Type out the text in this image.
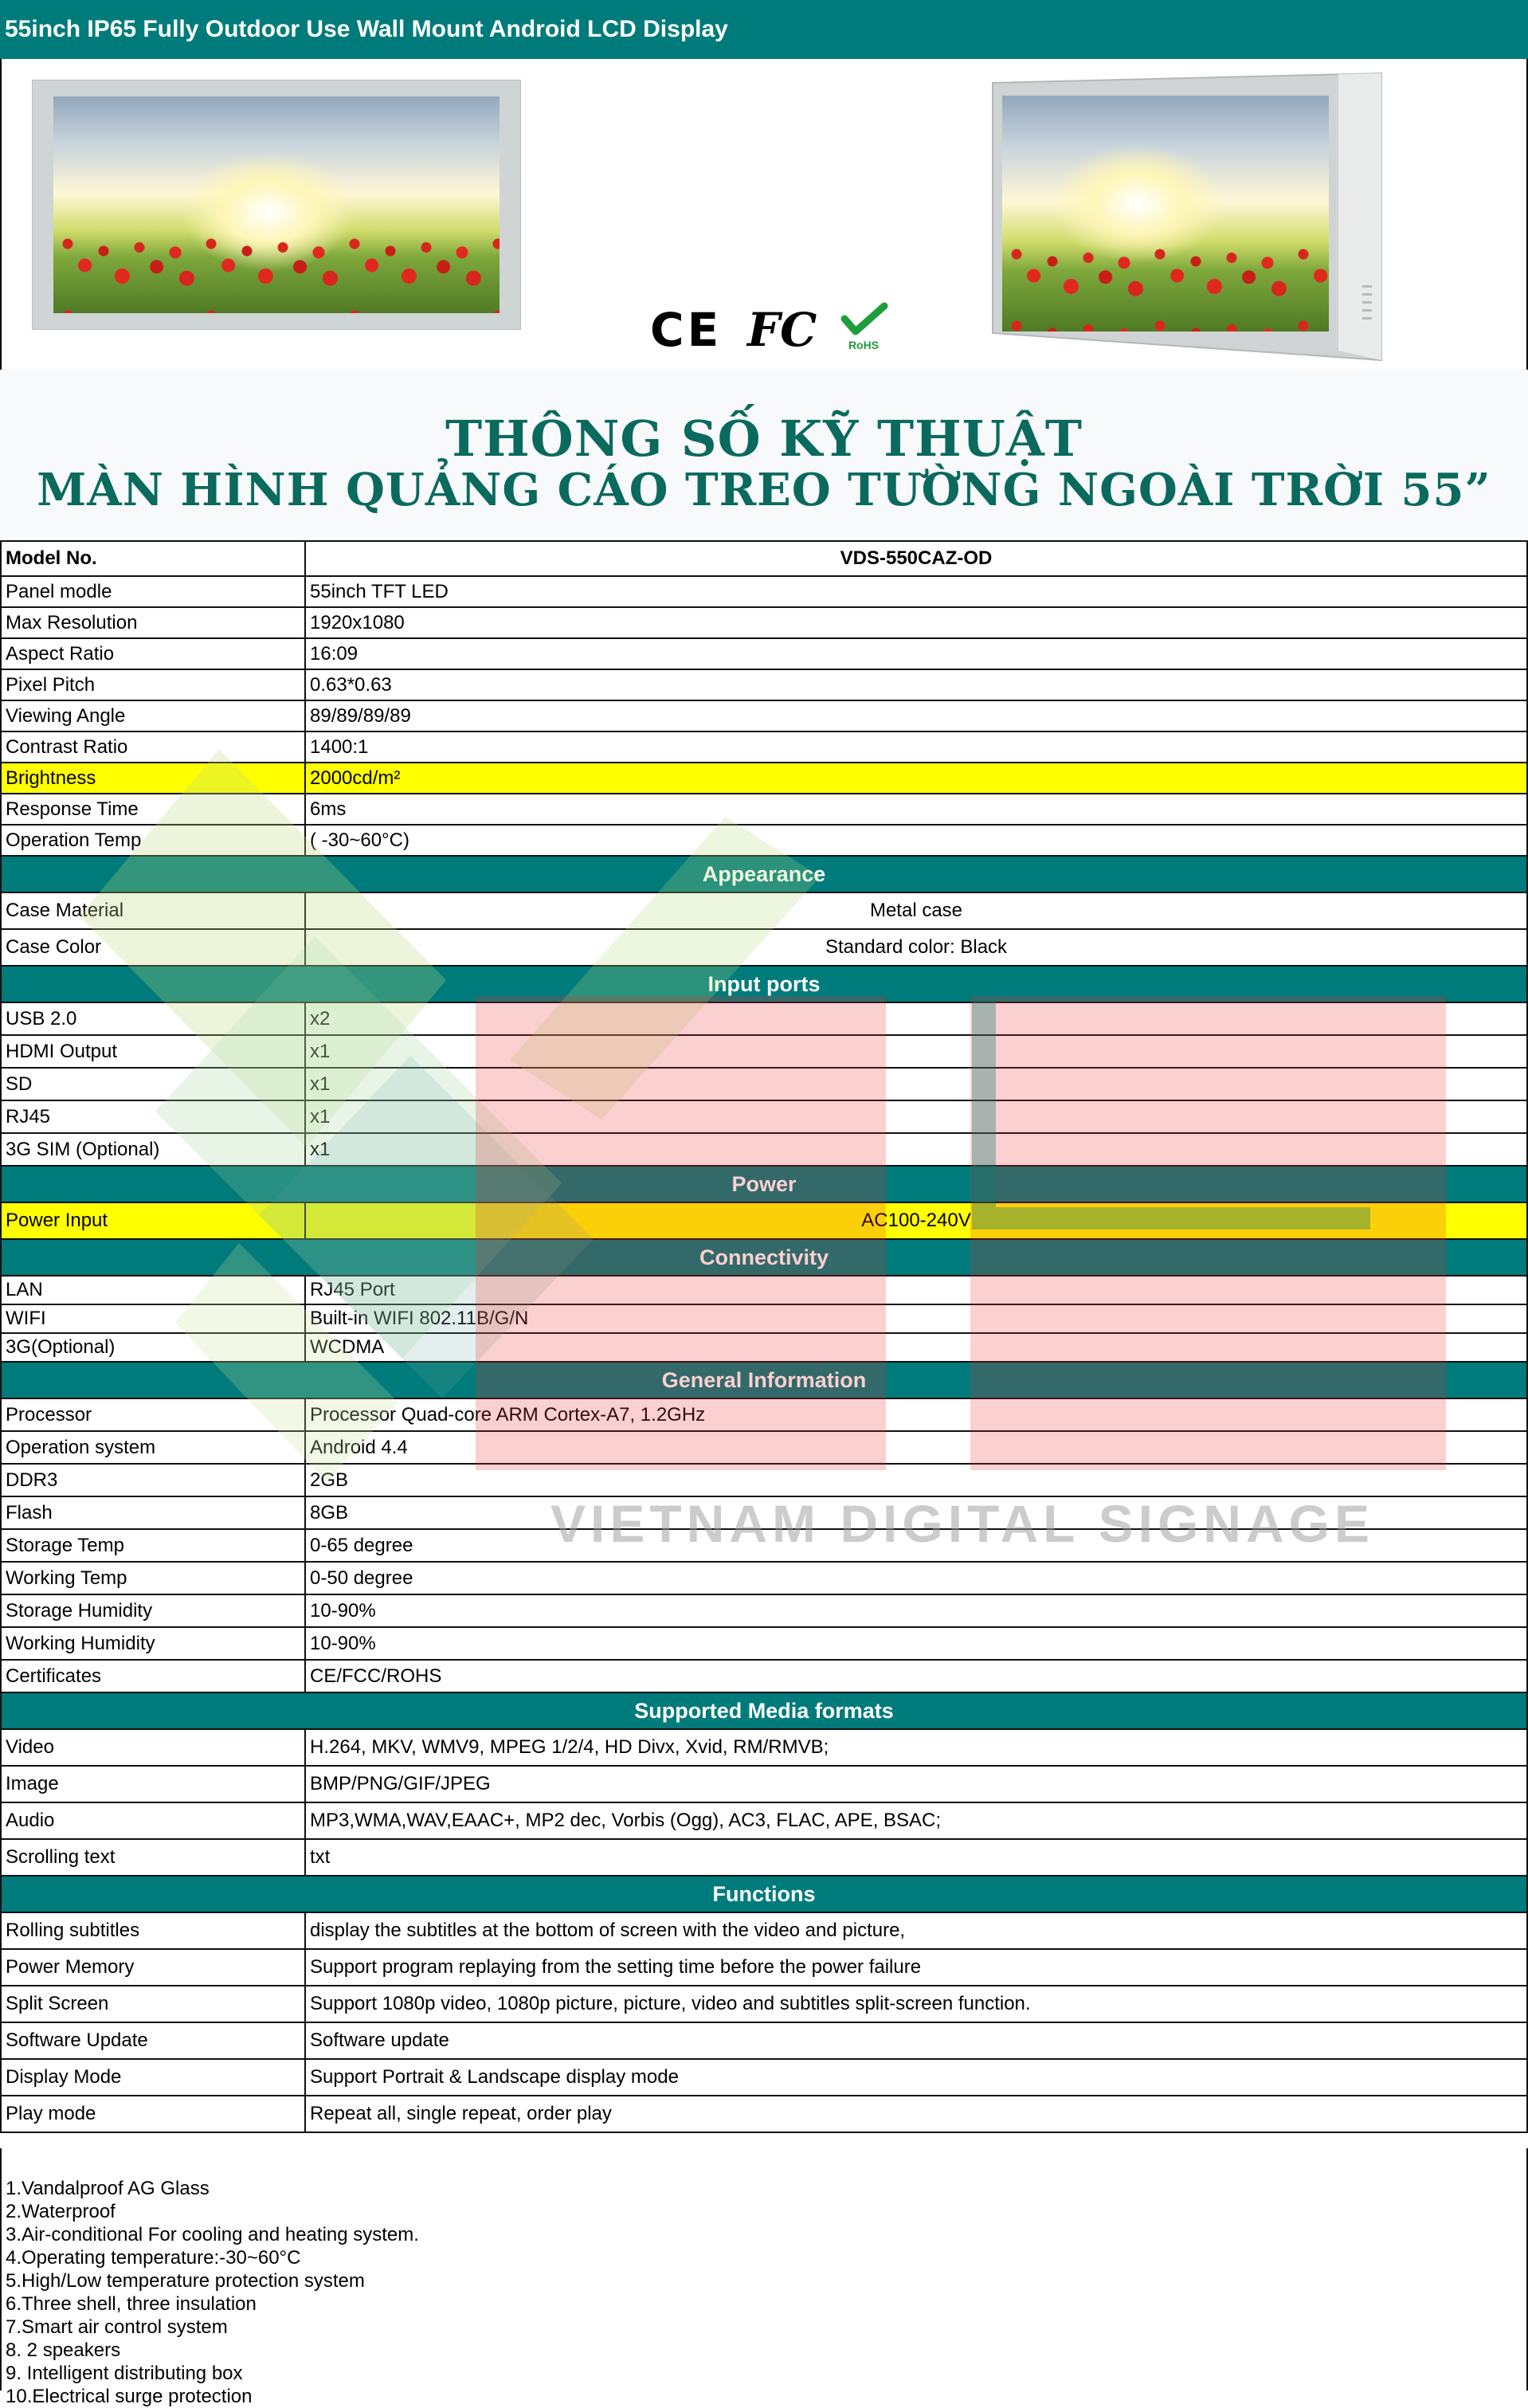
55inch IP65 Fully Outdoor Use Wall Mount Android LCD Display
CE FC	RoHS
THÔNG SỐ KỸ THUẬT
MÀN HÌNH QUẢNG CÁO TREO TƯỜNG NGOÀI TRỜI 55”
Model No.	VDS-550CAZ-OD
Panel modle	55inch TFT LED
Max Resolution	1920x1080
Aspect Ratio	16:09
Pixel Pitch	0.63*0.63
Viewing Angle	89/89/89/89
Contrast Ratio	1400:1
Brightness	2000cd/m²
Response Time	6ms
Operation Temp	( -30~60°C)
Appearance	
Case Material	Metal case
Case Color	Standard color: Black
Input ports	
USB 2.0	x2
HDMI Output	x1
SD	x1
RJ45	x1
3G SIM (Optional)	x1
Power	
Power Input	AC100-240V
Connectivity	
LAN	RJ45 Port
WIFI	Built-in WIFI 802.11B/G/N
3G(Optional)	WCDMA
General Information	
Processor	Processor Quad-core ARM Cortex-A7, 1.2GHz
Operation system	Android 4.4
DDR3	2GB
Flash	8GB
Storage Temp	0-65 degree
Working Temp	0-50 degree
Storage Humidity	10-90%
Working Humidity	10-90%
Certificates	CE/FCC/ROHS
Supported Media formats	
Video	H.264, MKV, WMV9, MPEG 1/2/4, HD Divx, Xvid, RM/RMVB;
Image	BMP/PNG/GIF/JPEG
Audio	MP3,WMA,WAV,EAAC+, MP2 dec, Vorbis (Ogg), AC3, FLAC, APE, BSAC;
Scrolling text	txt
Functions	
Rolling subtitles	display the subtitles at the bottom of screen with the video and picture,
Power Memory	Support program replaying from the setting time before the power failure
Split Screen	Support 1080p video, 1080p picture, picture, video and subtitles split-screen function.
Software Update	Software update
Display Mode	Support Portrait & Landscape display mode
Play mode	Repeat all, single repeat, order play
1.Vandalproof AG Glass
2.Waterproof
3.Air-conditional For cooling and heating system.
4.Operating temperature:-30~60°C
5.High/Low temperature protection system
6.Three shell, three insulation
7.Smart air control system
8. 2 speakers
9. Intelligent distributing box
10.Electrical surge protection
VIETNAM DIGITAL SIGNAGE
